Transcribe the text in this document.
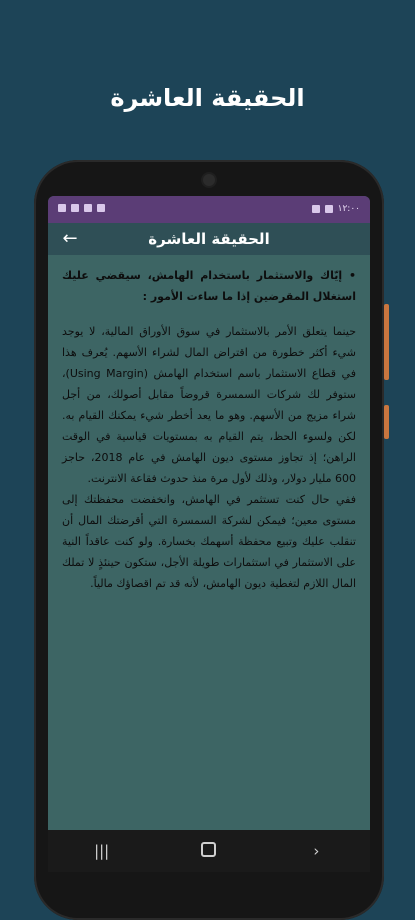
الحقيقة العاشرة
١٢:٠٠
←	الحقيقة العاشرة
• إيّاك والاستثمار باستخدام الهامش، سيقضي عليك استغلال المقرضين إذا ما ساءت الأمور :

حينما يتعلق الأمر بالاستثمار في سوق الأوراق المالية، لا يوجد شيء أكثر خطورة من اقتراض المال لشراء الأسهم. يُعرف هذا في قطاع الاستثمار باسم استخدام الهامش (Using Margin)، ستوفر لك شركات السمسرة قروضاً مقابل أصولك، من أجل شراء مزيج من الأسهم. وهو ما يعد أخطر شيء يمكنك القيام به. لكن ولسوء الحظ، يتم القيام به بمستويات قياسية في الوقت الراهن؛ إذ تجاوز مستوى ديون الهامش في عام 2018، حاجز 600 مليار دولار، وذلك لأول مرة منذ حدوث فقاعة الانترنت.

ففي حال كنت تستثمر في الهامش، وانخفضت محفظتك إلى مستوى معين؛ فيمكن لشركة السمسرة التي أقرضتك المال أن تنقلب عليك وتبيع محفظة أسهمك بخسارة. ولو كنت عاقداً النية على الاستثمار في استثمارات طويلة الأجل، ستكون حينئذٍ لا تملك المال اللازم لتغطية ديون الهامش، لأنه قد تم اقصاؤك مالياً.

|||	›
